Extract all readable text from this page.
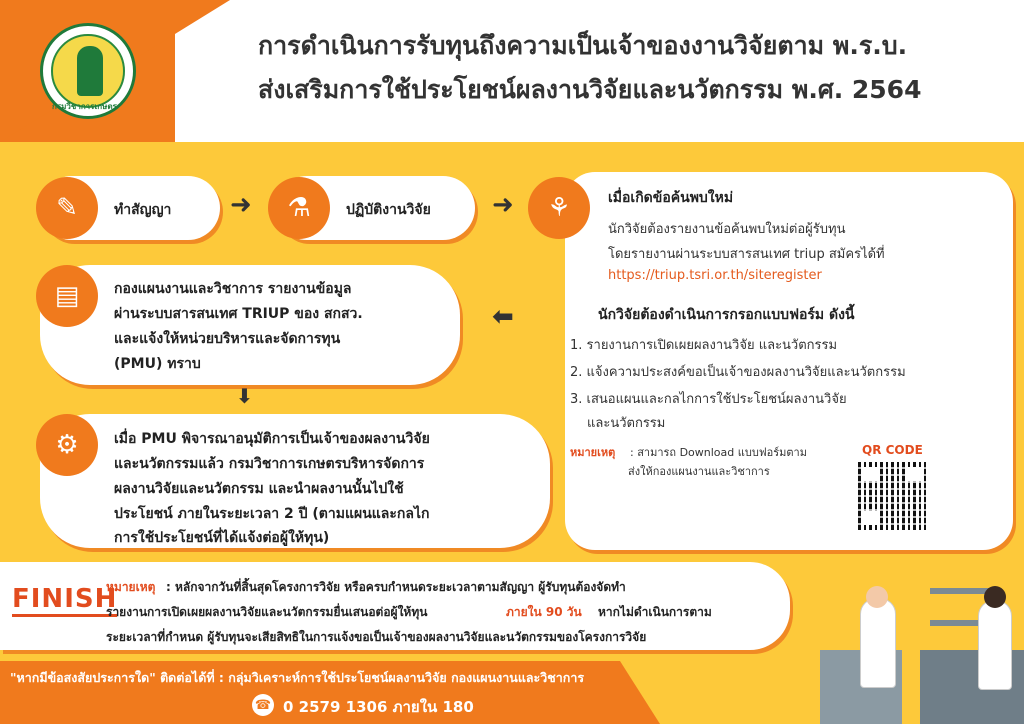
กรมวิชาการเกษตร
การดำเนินการรับทุนถึงความเป็นเจ้าของงานวิจัยตาม พ.ร.บ.
ส่งเสริมการใช้ประโยชน์ผลงานวิจัยและนวัตกรรม พ.ศ. 2564
✎	ทำสัญญา ➜	⚗	ปฏิบัติงานวิจัย ➜	⚘	เมื่อเกิดข้อค้นพบใหม่
นักวิจัยต้องรายงานข้อค้นพบใหม่ต่อผู้รับทุน
โดยรายงานผ่านระบบสารสนเทศ triup สมัครได้ที่
https://triup.tsri.or.th/siteregister
นักวิจัยต้องดำเนินการกรอกแบบฟอร์ม ดังนี้
1. รายงานการเปิดเผยผลงานวิจัย และนวัตกรรม
2. แจ้งความประสงค์ขอเป็นเจ้าของผลงานวิจัยและนวัตกรรม
3. เสนอแผนและกลไกการใช้ประโยชน์ผลงานวิจัย
และนวัตกรรม
หมายเหตุ : สามารถ Download แบบฟอร์มตาม
ส่งให้กองแผนงานและวิชาการ
QR CODE
⬅
▤	กองแผนงานและวิชาการ รายงานข้อมูล
ผ่านระบบสารสนเทศ TRIUP ของ สกสว.
และแจ้งให้หน่วยบริหารและจัดการทุน
(PMU) ทราบ
⬇
⚙	เมื่อ PMU พิจารณาอนุมัติการเป็นเจ้าของผลงานวิจัย
และนวัตกรรมแล้ว กรมวิชาการเกษตรบริหารจัดการ
ผลงานวิจัยและนวัตกรรม และนำผลงานนั้นไปใช้
ประโยชน์ ภายในระยะเวลา 2 ปี (ตามแผนและกลไก
การใช้ประโยชน์ที่ได้แจ้งต่อผู้ให้ทุน)
FINISH
หมายเหตุ : หลักจากวันที่สิ้นสุดโครงการวิจัย หรือครบกำหนดระยะเวลาตามสัญญา ผู้รับทุนต้องจัดทำ
รายงานการเปิดเผยผลงานวิจัยและนวัตกรรมยื่นเสนอต่อผู้ให้ทุน	ภายใน 90 วัน หากไม่ดำเนินการตาม
ระยะเวลาที่กำหนด ผู้รับทุนจะเสียสิทธิในการแจ้งขอเป็นเจ้าของผลงานวิจัยและนวัตกรรมของโครงการวิจัย
"หากมีข้อสงสัยประการใด" ติดต่อได้ที่ : กลุ่มวิเคราะห์การใช้ประโยชน์ผลงานวิจัย กองแผนงานและวิชาการ
☎ 0 2579 1306 ภายใน 180
